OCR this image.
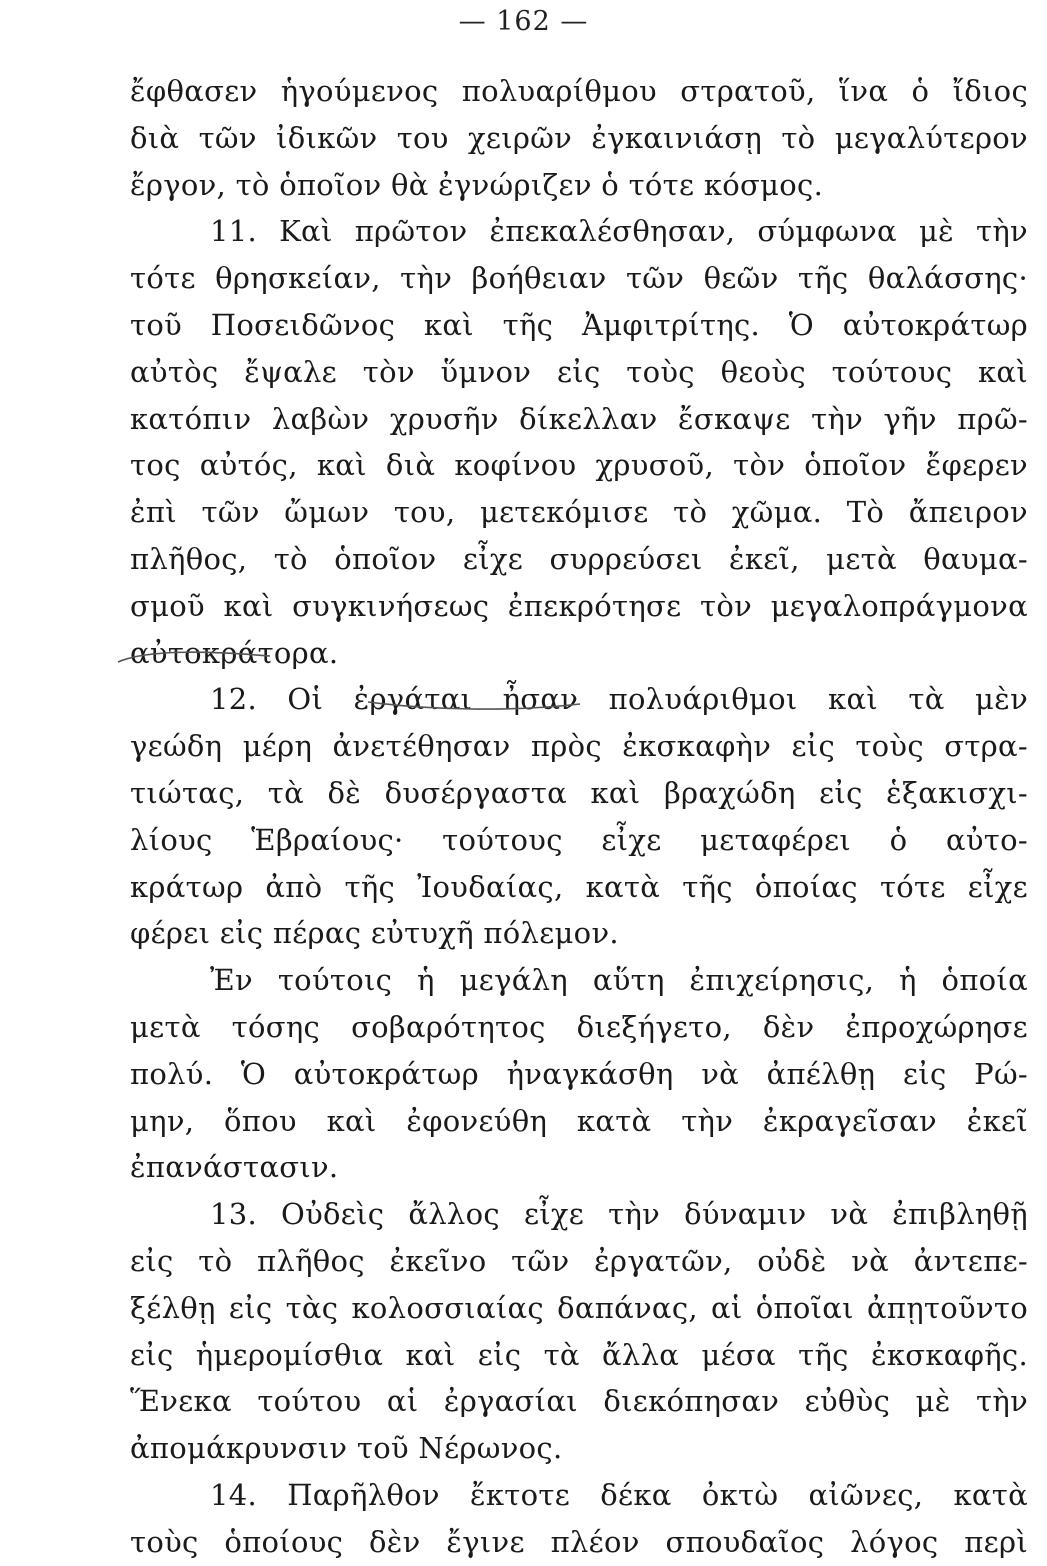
— 162 —
ἔφθασεν ἡγούμενος πολυαρίθμου στρατοῦ, ἵνα ὁ ἴδιος
διὰ τῶν ἰδικῶν του χειρῶν ἐγκαινιάσῃ τὸ μεγαλύτερον
ἔργον, τὸ ὁποῖον θὰ ἐγνώριζεν ὁ τότε κόσμος.
11. Καὶ πρῶτον ἐπεκαλέσθησαν, σύμφωνα μὲ τὴν
τότε θρησκείαν, τὴν βοήθειαν τῶν θεῶν τῆς θαλάσσης·
τοῦ Ποσειδῶνος καὶ τῆς Ἀμφιτρίτης. Ὁ αὐτοκράτωρ
αὐτὸς ἔψαλε τὸν ὕμνον εἰς τοὺς θεοὺς τούτους καὶ
κατόπιν λαβὼν χρυσῆν δίκελλαν ἔσκαψε τὴν γῆν πρῶ-
τος αὐτός, καὶ διὰ κοφίνου χρυσοῦ, τὸν ὁποῖον ἔφερεν
ἐπὶ τῶν ὤμων του, μετεκόμισε τὸ χῶμα. Τὸ ἄπειρον
πλῆθος, τὸ ὁποῖον εἶχε συρρεύσει ἐκεῖ, μετὰ θαυμα-
σμοῦ καὶ συγκινήσεως ἐπεκρότησε τὸν μεγαλοπράγμονα
αὐτοκράτορα.
12. Οἱ ἐργάται ἦσαν πολυάριθμοι καὶ τὰ μὲν
γεώδη μέρη ἀνετέθησαν πρὸς ἐκσκαφὴν εἰς τοὺς στρα-
τιώτας, τὰ δὲ δυσέργαστα καὶ βραχώδη εἰς ἑξακισχι-
λίους Ἑβραίους· τούτους εἶχε μεταφέρει ὁ αὐτο-
κράτωρ ἀπὸ τῆς Ἰουδαίας, κατὰ τῆς ὁποίας τότε εἶχε
φέρει εἰς πέρας εὐτυχῆ πόλεμον.
Ἐν τούτοις ἡ μεγάλη αὕτη ἐπιχείρησις, ἡ ὁποία
μετὰ τόσης σοβαρότητος διεξήγετο, δὲν ἐπροχώρησε
πολύ. Ὁ αὐτοκράτωρ ἠναγκάσθη νὰ ἀπέλθῃ εἰς Ρώ-
μην, ὅπου καὶ ἐφονεύθη κατὰ τὴν ἐκραγεῖσαν ἐκεῖ
ἐπανάστασιν.
13. Οὐδεὶς ἄλλος εἶχε τὴν δύναμιν νὰ ἐπιβληθῇ
εἰς τὸ πλῆθος ἐκεῖνο τῶν ἐργατῶν, οὐδὲ νὰ ἀντεπε-
ξέλθῃ εἰς τὰς κολοσσιαίας δαπάνας, αἱ ὁποῖαι ἀπῃτοῦντο
εἰς ἡμερομίσθια καὶ εἰς τὰ ἄλλα μέσα τῆς ἐκσκαφῆς.
Ἕνεκα τούτου αἱ ἐργασίαι διεκόπησαν εὐθὺς μὲ τὴν
ἀπομάκρυνσιν τοῦ Νέρωνος.
14. Παρῆλθον ἔκτοτε δέκα ὀκτὼ αἰῶνες, κατὰ
τοὺς ὁποίους δὲν ἔγινε πλέον σπουδαῖος λόγος περὶ
